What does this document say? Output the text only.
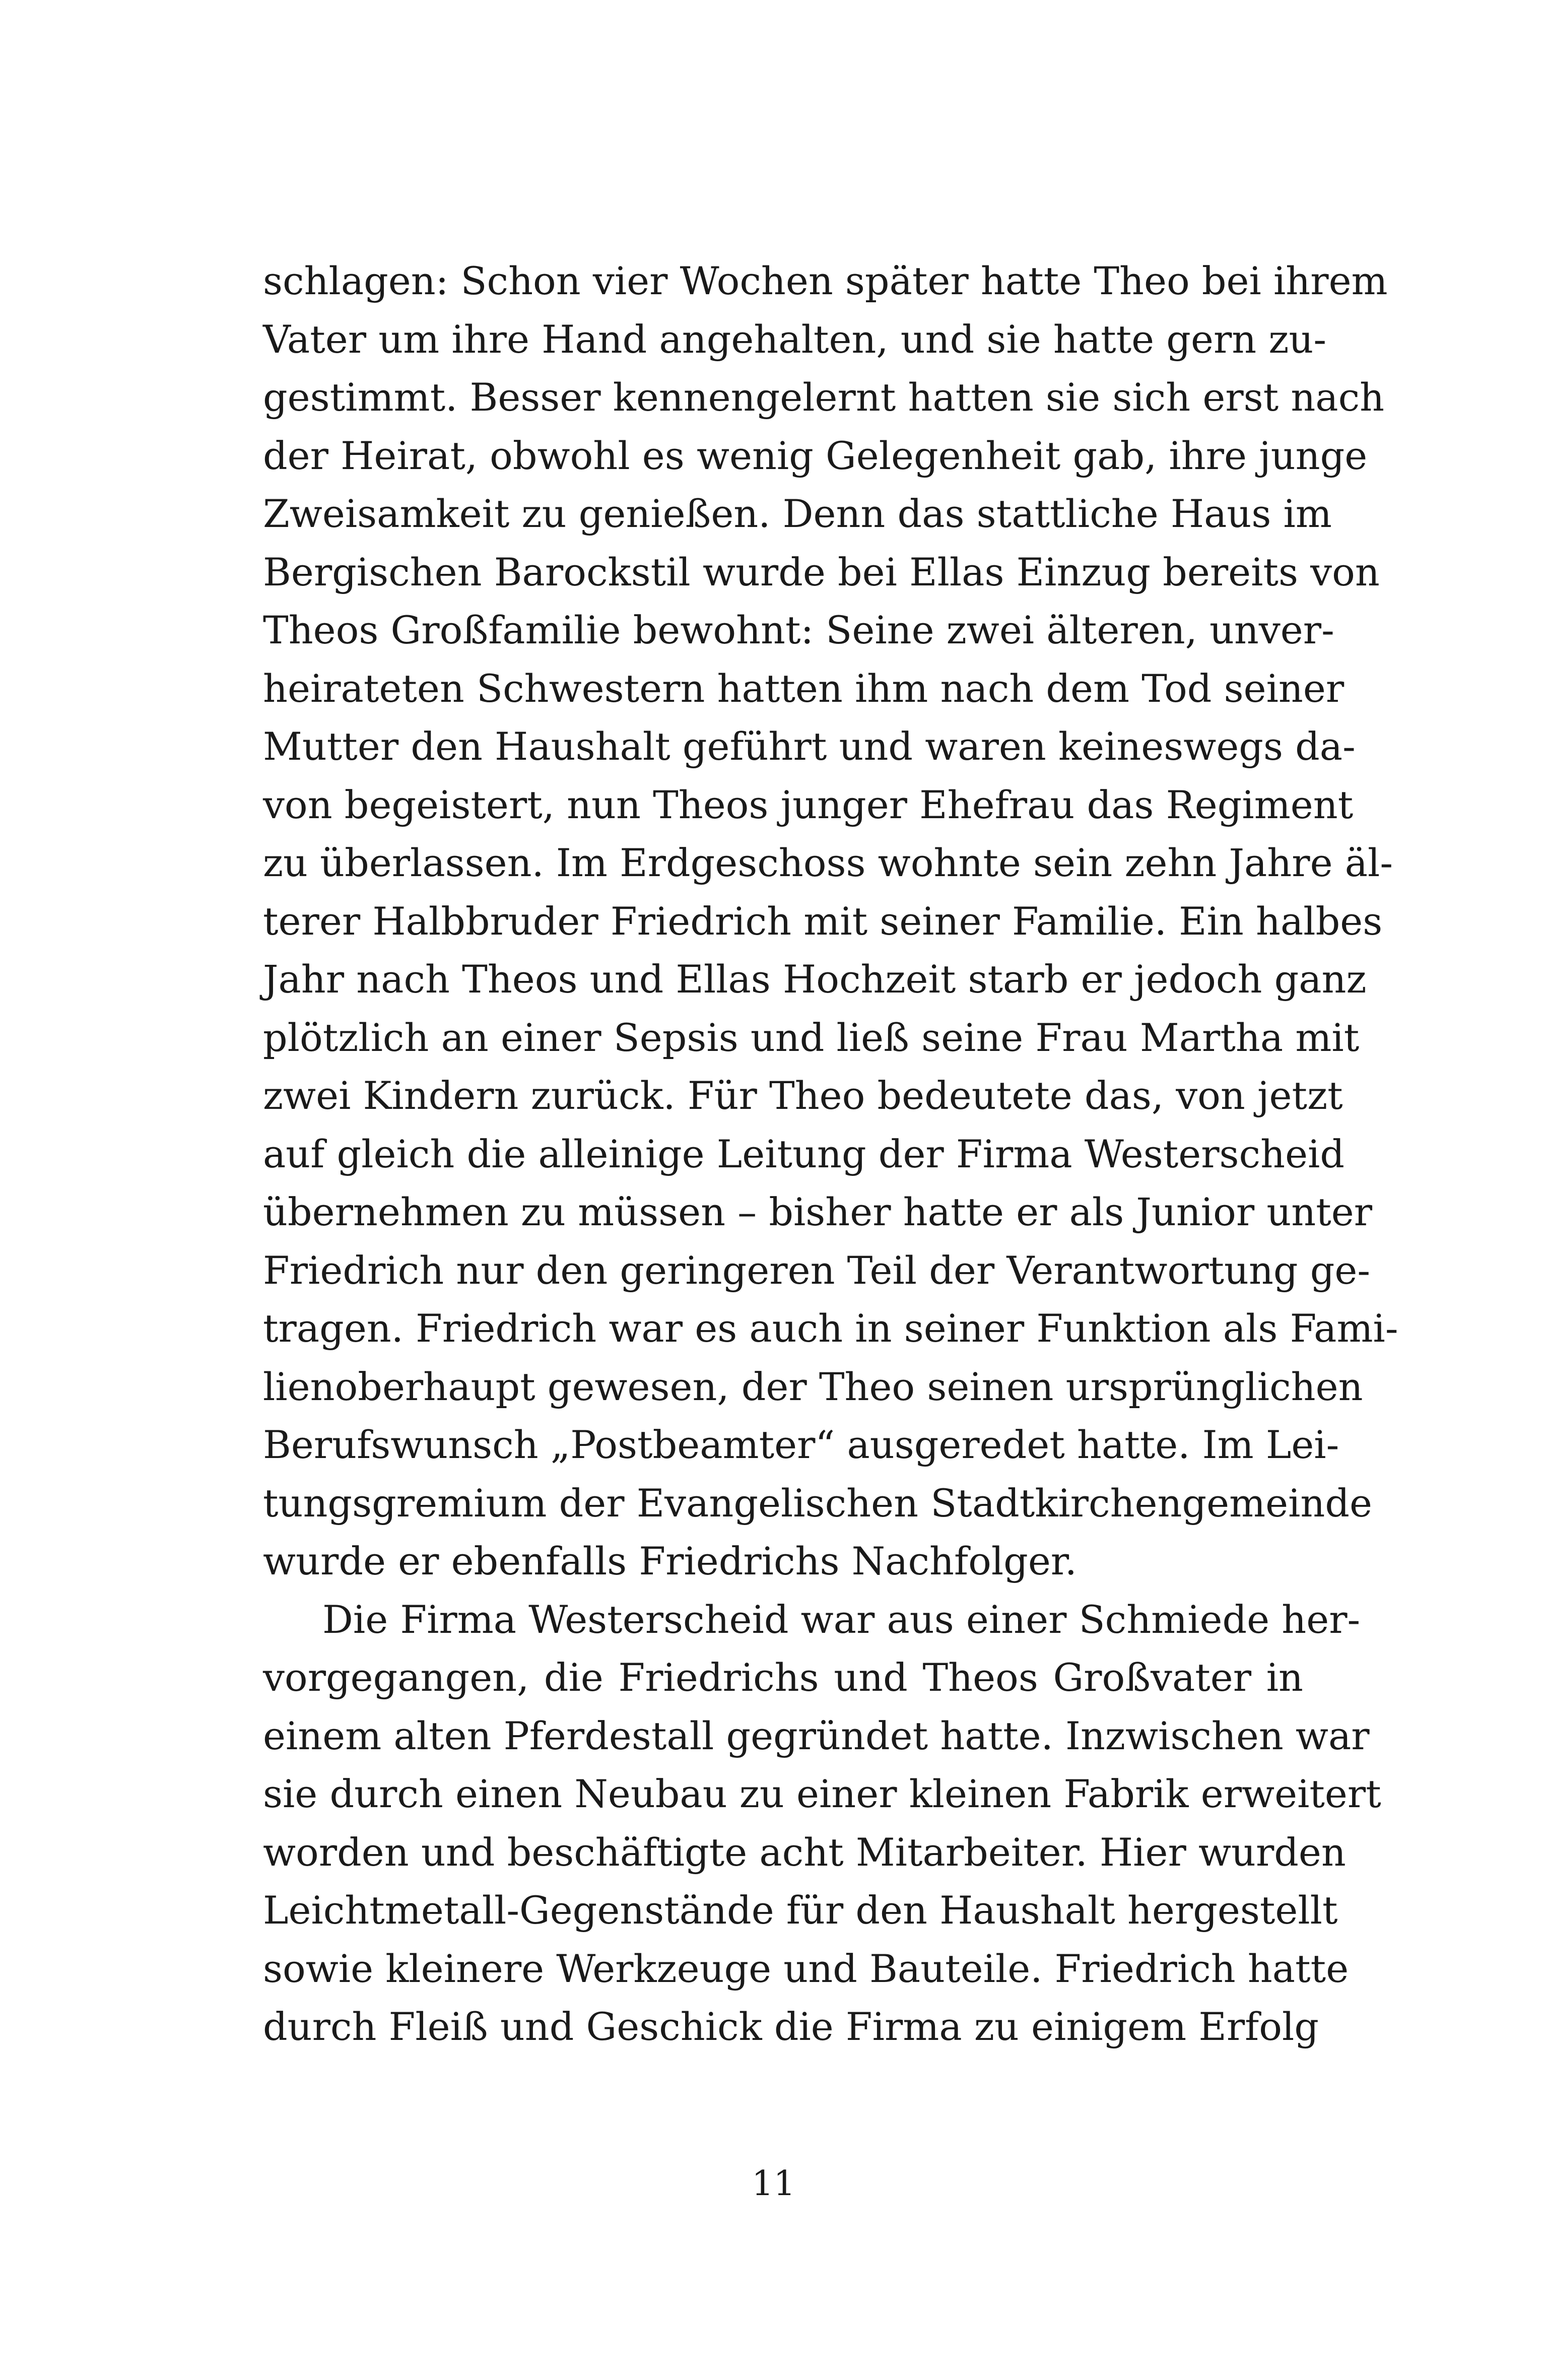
schlagen: Schon vier Wochen später hatte Theo bei ihrem
Vater um ihre Hand angehalten, und sie hatte gern zu-
gestimmt. Besser kennengelernt hatten sie sich erst nach
der Heirat, obwohl es wenig Gelegenheit gab, ihre junge
Zweisamkeit zu genießen. Denn das stattliche Haus im
Bergischen Barockstil wurde bei Ellas Einzug bereits von
Theos Großfamilie bewohnt: Seine zwei älteren, unver-
heirateten Schwestern hatten ihm nach dem Tod seiner
Mutter den Haushalt geführt und waren keineswegs da-
von begeistert, nun Theos junger Ehefrau das Regiment
zu überlassen. Im Erdgeschoss wohnte sein zehn Jahre äl-
terer Halbbruder Friedrich mit seiner Familie. Ein halbes
Jahr nach Theos und Ellas Hochzeit starb er jedoch ganz
plötzlich an einer Sepsis und ließ seine Frau Martha mit
zwei Kindern zurück. Für Theo bedeutete das, von jetzt
auf gleich die alleinige Leitung der Firma Westerscheid
übernehmen zu müssen – bisher hatte er als Junior unter
Friedrich nur den geringeren Teil der Verantwortung ge-
tragen. Friedrich war es auch in seiner Funktion als Fami-
lienoberhaupt gewesen, der Theo seinen ursprünglichen
Berufswunsch „Postbeamter“ ausgeredet hatte. Im Lei-
tungsgremium der Evangelischen Stadtkirchengemeinde
wurde er ebenfalls Friedrichs Nachfolger.
Die Firma Westerscheid war aus einer Schmiede her-
vorgegangen, die Friedrichs und Theos Großvater in
einem alten Pferdestall gegründet hatte. Inzwischen war
sie durch einen Neubau zu einer kleinen Fabrik erweitert
worden und beschäftigte acht Mitarbeiter. Hier wurden
Leichtmetall-Gegenstände für den Haushalt hergestellt
sowie kleinere Werkzeuge und Bauteile. Friedrich hatte
durch Fleiß und Geschick die Firma zu einigem Erfolg
11
